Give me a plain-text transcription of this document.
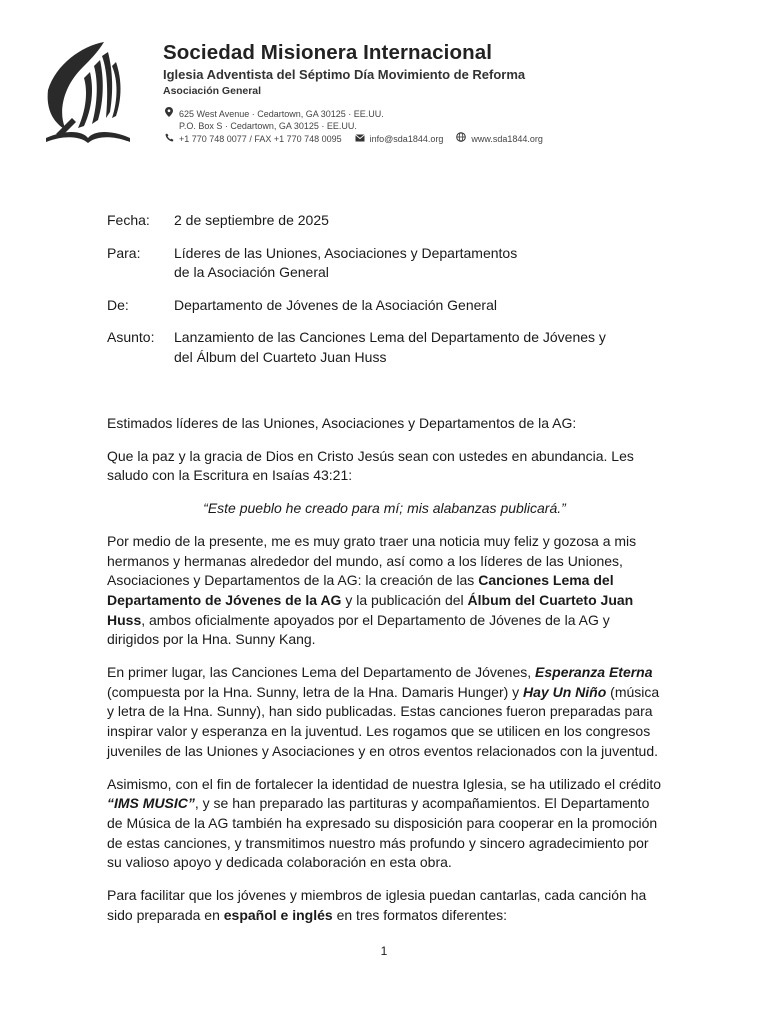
Sociedad Misionera Internacional
Iglesia Adventista del Séptimo Día Movimiento de Reforma
Asociación General
625 West Avenue · Cedartown, GA 30125 · EE.UU.
P.O. Box S · Cedartown, GA 30125 · EE.UU.
+1 770 748 0077 / FAX +1 770 748 0095	info@sda1844.org	www.sda1844.org
Fecha:	2 de septiembre de 2025
Para:	Líderes de las Uniones, Asociaciones y Departamentos
de la Asociación General
De:	Departamento de Jóvenes de la Asociación General
Asunto:	Lanzamiento de las Canciones Lema del Departamento de Jóvenes y
del Álbum del Cuarteto Juan Huss

Estimados líderes de las Uniones, Asociaciones y Departamentos de la AG:

Que la paz y la gracia de Dios en Cristo Jesús sean con ustedes en abundancia. Les saludo con la Escritura en Isaías 43:21:

“Este pueblo he creado para mí; mis alabanzas publicará.”

Por medio de la presente, me es muy grato traer una noticia muy feliz y gozosa a mis hermanos y hermanas alrededor del mundo, así como a los líderes de las Uniones, Asociaciones y Departamentos de la AG: la creación de las Canciones Lema del Departamento de Jóvenes de la AG y la publicación del Álbum del Cuarteto Juan Huss, ambos oficialmente apoyados por el Departamento de Jóvenes de la AG y dirigidos por la Hna. Sunny Kang.

En primer lugar, las Canciones Lema del Departamento de Jóvenes, Esperanza Eterna (compuesta por la Hna. Sunny, letra de la Hna. Damaris Hunger) y Hay Un Niño (música y letra de la Hna. Sunny), han sido publicadas. Estas canciones fueron preparadas para inspirar valor y esperanza en la juventud. Les rogamos que se utilicen en los congresos juveniles de las Uniones y Asociaciones y en otros eventos relacionados con la juventud.

Asimismo, con el fin de fortalecer la identidad de nuestra Iglesia, se ha utilizado el crédito “IMS MUSIC”, y se han preparado las partituras y acompañamientos. El Departamento de Música de la AG también ha expresado su disposición para cooperar en la promoción de estas canciones, y transmitimos nuestro más profundo y sincero agradecimiento por su valioso apoyo y dedicada colaboración en esta obra.

Para facilitar que los jóvenes y miembros de iglesia puedan cantarlas, cada canción ha sido preparada en español e inglés en tres formatos diferentes:

1
